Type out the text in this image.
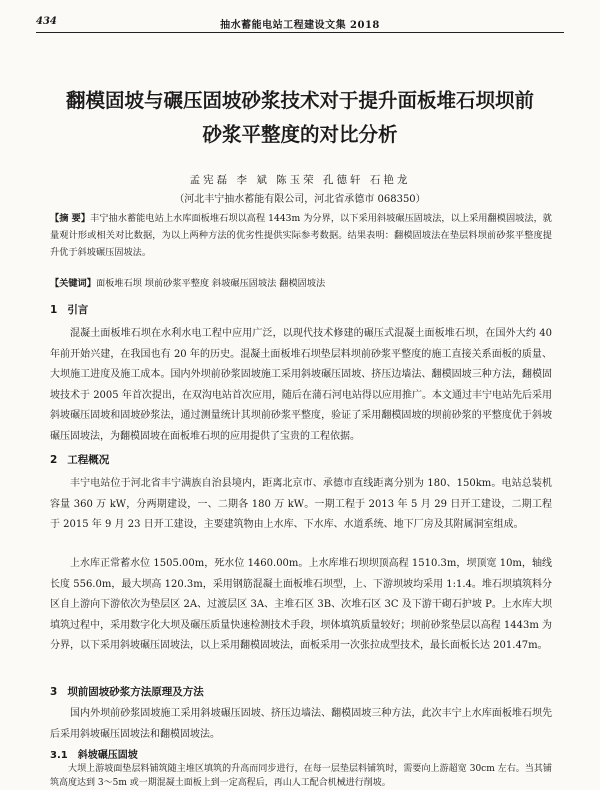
434	抽水蓄能电站工程建设文集 2018
翻模固坡与碾压固坡砂浆技术对于提升面板堆石坝坝前
砂浆平整度的对比分析
孟宪磊 李 斌 陈玉荣 孔德轩 石艳龙
（河北丰宁抽水蓄能有限公司，河北省承德市 068350）
【摘 要】丰宁抽水蓄能电站上水库面板堆石坝以高程 1443m 为分界，以下采用斜坡碾压固坡法，以上采用翻模固坡法，就量观计形或相关对比数据，为以上两种方法的优劣性提供实际参考数据。结果表明：翻模固坡法在垫层料坝前砂浆平整度提升优于斜坡碾压固坡法。
【关键词】面板堆石坝 坝前砂浆平整度 斜坡碾压固坡法 翻模固坡法
1 引言
混凝土面板堆石坝在水利水电工程中应用广泛，以现代技术修建的碾压式混凝土面板堆石坝，在国外大约 40 年前开始兴建，在我国也有 20 年的历史。混凝土面板堆石坝垫层料坝前砂浆平整度的施工直接关系面板的质量、大坝施工进度及施工成本。国内外坝前砂浆固坡施工采用斜坡碾压固坡、挤压边墙法、翻模固坡三种方法，翻模固坡技术于 2005 年首次提出，在双沟电站首次应用，随后在蒲石河电站得以应用推广。本文通过丰宁电站先后采用斜坡碾压固坡和固坡砂浆法，通过测量统计其坝前砂浆平整度，验证了采用翻模固坡的坝前砂浆的平整度优于斜坡碾压固坡法，为翻模固坡在面板堆石坝的应用提供了宝贵的工程依据。
2 工程概况
丰宁电站位于河北省丰宁满族自治县境内，距离北京市、承德市直线距离分别为 180、150km。电站总装机容量 360 万 kW，分两期建设，一、二期各 180 万 kW。一期工程于 2013 年 5 月 29 日开工建设，二期工程于 2015 年 9 月 23 日开工建设，主要建筑物由上水库、下水库、水道系统、地下厂房及其附属洞室组成。
上水库正常蓄水位 1505.00m，死水位 1460.00m。上水库堆石坝坝顶高程 1510.3m，坝顶宽 10m，轴线长度 556.0m，最大坝高 120.3m，采用钢筋混凝土面板堆石坝型，上、下游坝坡均采用 1:1.4。堆石坝填筑料分区自上游向下游依次为垫层区 2A、过渡层区 3A、主堆石区 3B、次堆石区 3C 及下游干砌石护坡 P。上水库大坝填筑过程中，采用数字化大坝及碾压质量快速检测技术手段，坝体填筑质量较好；坝前砂浆垫层以高程 1443m 为分界，以下采用斜坡碾压固坡法，以上采用翻模固坡法，面板采用一次张拉成型技术，最长面板长达 201.47m。
3 坝前固坡砂浆方法原理及方法
国内外坝前砂浆固坡施工采用斜坡碾压固坡、挤压边墙法、翻模固坡三种方法，此次丰宁上水库面板堆石坝先后采用斜坡碾压固坡法和翻模固坡法。
3.1 斜坡碾压固坡
大坝上游坡面垫层料铺筑随主堆区填筑的升高而同步进行，在每一层垫层料铺筑时，需要向上游超宽 30cm 左右。当其铺筑高度达到 3～5m 或一期混凝土面板上到一定高程后，再山人工配合机械进行削坡。
